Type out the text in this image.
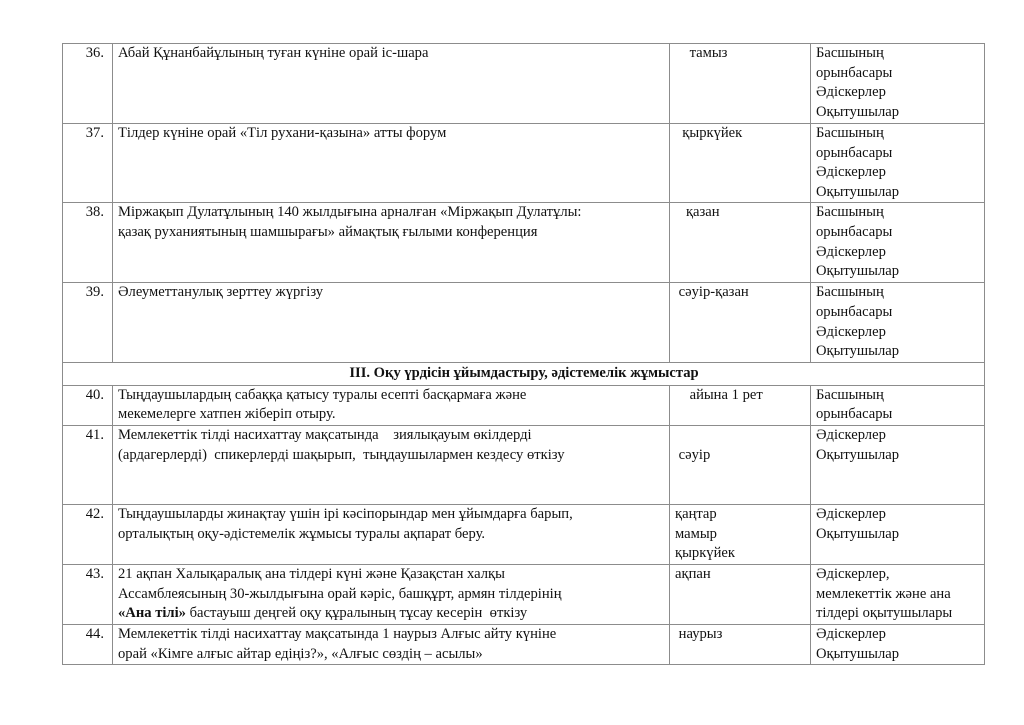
36.	Абай Құнанбайұлының туған күніне орай іс-шара	тамыз	Басшының
орынбасары
Әдіскерлер
Оқытушылар

37.	Тілдер күніне орай «Тіл рухани-қазына» атты форум	қыркүйек	Басшының
орынбасары
Әдіскерлер
Оқытушылар

38.	Міржақып Дулатұлының 140 жылдығына арналған «Міржақып Дулатұлы:
қазақ руханиятының шамшырағы» аймақтық ғылыми конференция	қазан	Басшының
орынбасары
Әдіскерлер
Оқытушылар

39.	Әлеуметтанулық зерттеу жүргізу	сәуір-қазан	Басшының
орынбасары
Әдіскерлер
Оқытушылар

III. Оқу үрдісін ұйымдастыру, әдістемелік жұмыстар			
40.	Тыңдаушылардың сабаққа қатысу туралы есепті басқармаға және
мекемелерге хатпен жіберіп отыру.	айына 1 рет	Басшының
орынбасары

41.	Мемлекеттік тілді насихаттау мақсатында    зиялықауым өкілдерді
(ардагерлерді)  спикерлерді шақырып,  тыңдаушылармен кездесу өткізу	сәуір	Әдіскерлер
Оқытушылар

42.	Тыңдаушыларды жинақтау үшін ірі кәсіпорындар мен ұйымдарға барып,
орталықтың оқу-әдістемелік жұмысы туралы ақпарат беру.	қаңтар
мамыр
қыркүйек	Әдіскерлер
Оқытушылар

43.	21 ақпан Халықаралық ана тілдері күні және Қазақстан халқы
Ассамблеясының 30-жылдығына орай кәріс, башқұрт, армян тілдерінің
«Ана тілі» бастауыш деңгей оқу құралының тұсау кесерін  өткізу	ақпан	Әдіскерлер,
мемлекеттік және ана
тілдері оқытушылары

44.	Мемлекеттік тілді насихаттау мақсатында 1 наурыз Алғыс айту күніне
орай «Кімге алғыс айтар едіңіз?», «Алғыс сөздің – асылы»	наурыз	Әдіскерлер
Оқытушылар
